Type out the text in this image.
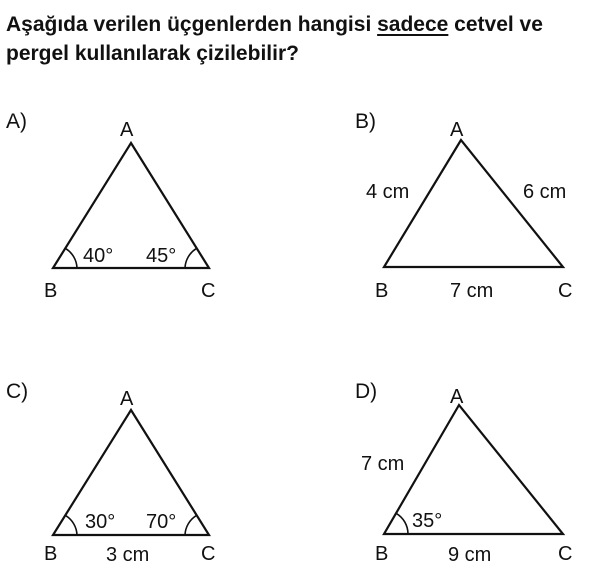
Aşağıda verilen üçgenlerden hangisi sadece cetvel ve pergel kullanılarak çizilebilir?
A)	A
B	C
40° 45°
B)	A
B	C
4 cm	6 cm
7 cm
C)	A
B	C
30° 70°
3 cm
D)	A
B	C
7 cm
35°
9 cm
